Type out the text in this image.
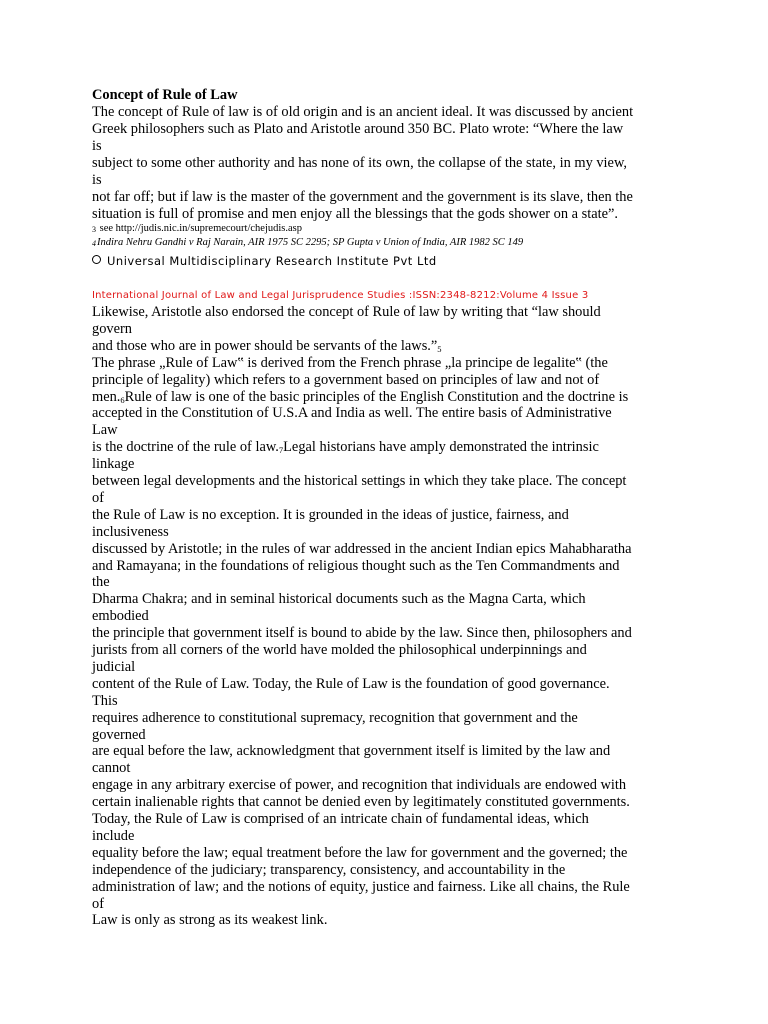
Concept of Rule of Law
The concept of Rule of law is of old origin and is an ancient ideal. It was discussed by ancient
Greek philosophers such as Plato and Aristotle around 350 BC. Plato wrote: “Where the law
is
subject to some other authority and has none of its own, the collapse of the state, in my view,
is
not far off; but if law is the master of the government and the government is its slave, then the
situation is full of promise and men enjoy all the blessings that the gods shower on a state”.
$^3$ see http://judis.nic.in/supremecourt/chejudis.asp
$^4$Indira Nehru Gandhi v Raj Narain, AIR 1975 SC 2295; SP Gupta v Union of India, AIR 1982 SC 149
Universal Multidisciplinary Research Institute Pvt Ltd
International Journal of Law and Legal Jurisprudence Studies :ISSN:2348-8212:Volume 4 Issue 3
Likewise, Aristotle also endorsed the concept of Rule of law by writing that “law should
govern
and those who are in power should be servants of the laws.”5
The phrase „Rule of Law‟ is derived from the French phrase „la principe de legalite‟ (the
principle of legality) which refers to a government based on principles of law and not of
men.6Rule of law is one of the basic principles of the English Constitution and the doctrine is
accepted in the Constitution of U.S.A and India as well. The entire basis of Administrative
Law
is the doctrine of the rule of law.7Legal historians have amply demonstrated the intrinsic
linkage
between legal developments and the historical settings in which they take place. The concept
of
the Rule of Law is no exception. It is grounded in the ideas of justice, fairness, and
inclusiveness
discussed by Aristotle; in the rules of war addressed in the ancient Indian epics Mahabharatha
and Ramayana; in the foundations of religious thought such as the Ten Commandments and
the
Dharma Chakra; and in seminal historical documents such as the Magna Carta, which
embodied
the principle that government itself is bound to abide by the law. Since then, philosophers and
jurists from all corners of the world have molded the philosophical underpinnings and
judicial
content of the Rule of Law. Today, the Rule of Law is the foundation of good governance.
This
requires adherence to constitutional supremacy, recognition that government and the
governed
are equal before the law, acknowledgment that government itself is limited by the law and
cannot
engage in any arbitrary exercise of power, and recognition that individuals are endowed with
certain inalienable rights that cannot be denied even by legitimately constituted governments.
Today, the Rule of Law is comprised of an intricate chain of fundamental ideas, which
include
equality before the law; equal treatment before the law for government and the governed; the
independence of the judiciary; transparency, consistency, and accountability in the
administration of law; and the notions of equity, justice and fairness. Like all chains, the Rule
of
Law is only as strong as its weakest link.
